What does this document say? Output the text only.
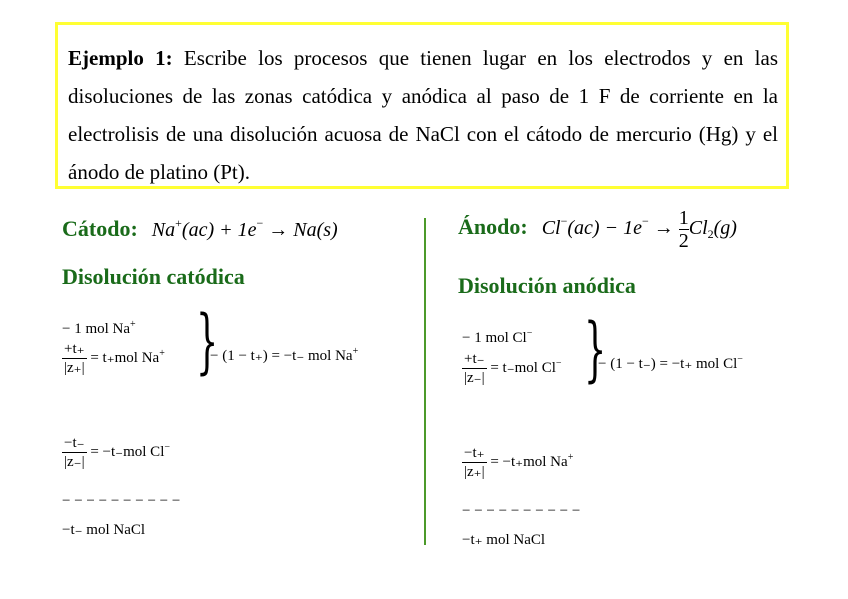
Ejemplo 1: Escribe los procesos que tienen lugar en los electrodos y en las disoluciones de las zonas catódica y anódica al paso de 1 F de corriente en la electrolisis de una disolución acuosa de NaCl con el cátodo de mercurio (Hg) y el ánodo de platino (Pt).

Cátodo: Na+(ac) + 1e− → Na(s)
Disolución catódica
− 1 mol Na+
$\frac{+t_+}{|z_+|} = t_+mol$ Na+ }
− (1 − t₊) = −t₋ mol Na+
$\frac{-t_-}{|z_-|} = -t_-mol$ Cl−
− − − − − − − − − −
−t₋ mol NaCl
Ánodo: $Cl^-(ac) - 1e^- \to \frac{1}{2} Cl_2(g)$
Disolución anódica
− 1 mol Cl−
$\frac{+t_-}{|z_-|} = t_-mol$ Cl− }
− (1 − t₋) = −t₊ mol Cl−
$\frac{-t_+}{|z_+|} = -t_+mol$ Na+
− − − − − − − − − −
−t₊ mol NaCl
